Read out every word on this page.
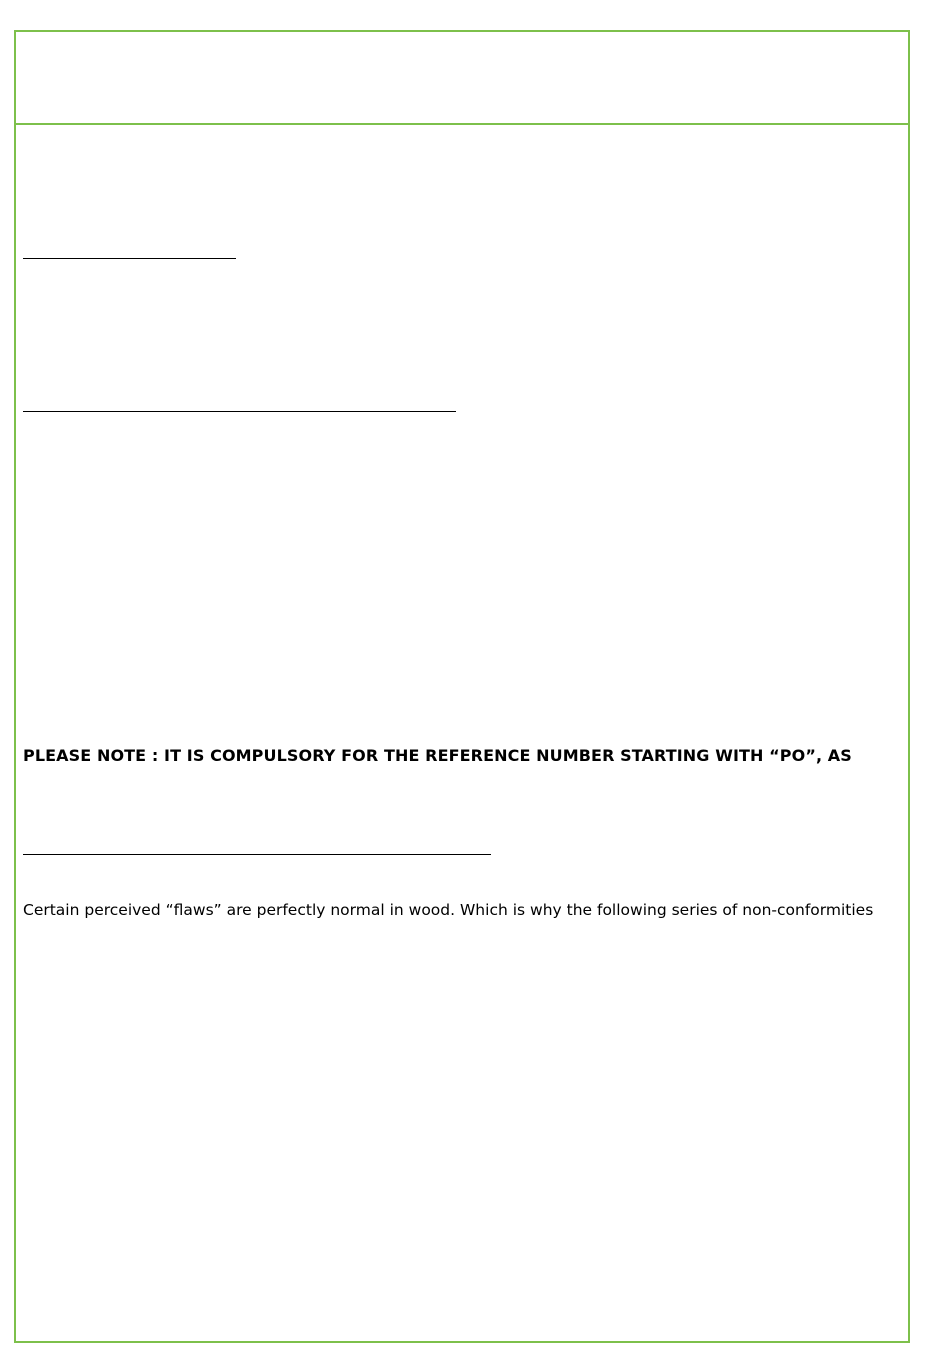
PLEASE NOTE : IT IS COMPULSORY FOR THE REFERENCE NUMBER STARTING WITH “PO”, AS
Certain perceived “flaws” are perfectly normal in wood. Which is why the following series of non-conformities
